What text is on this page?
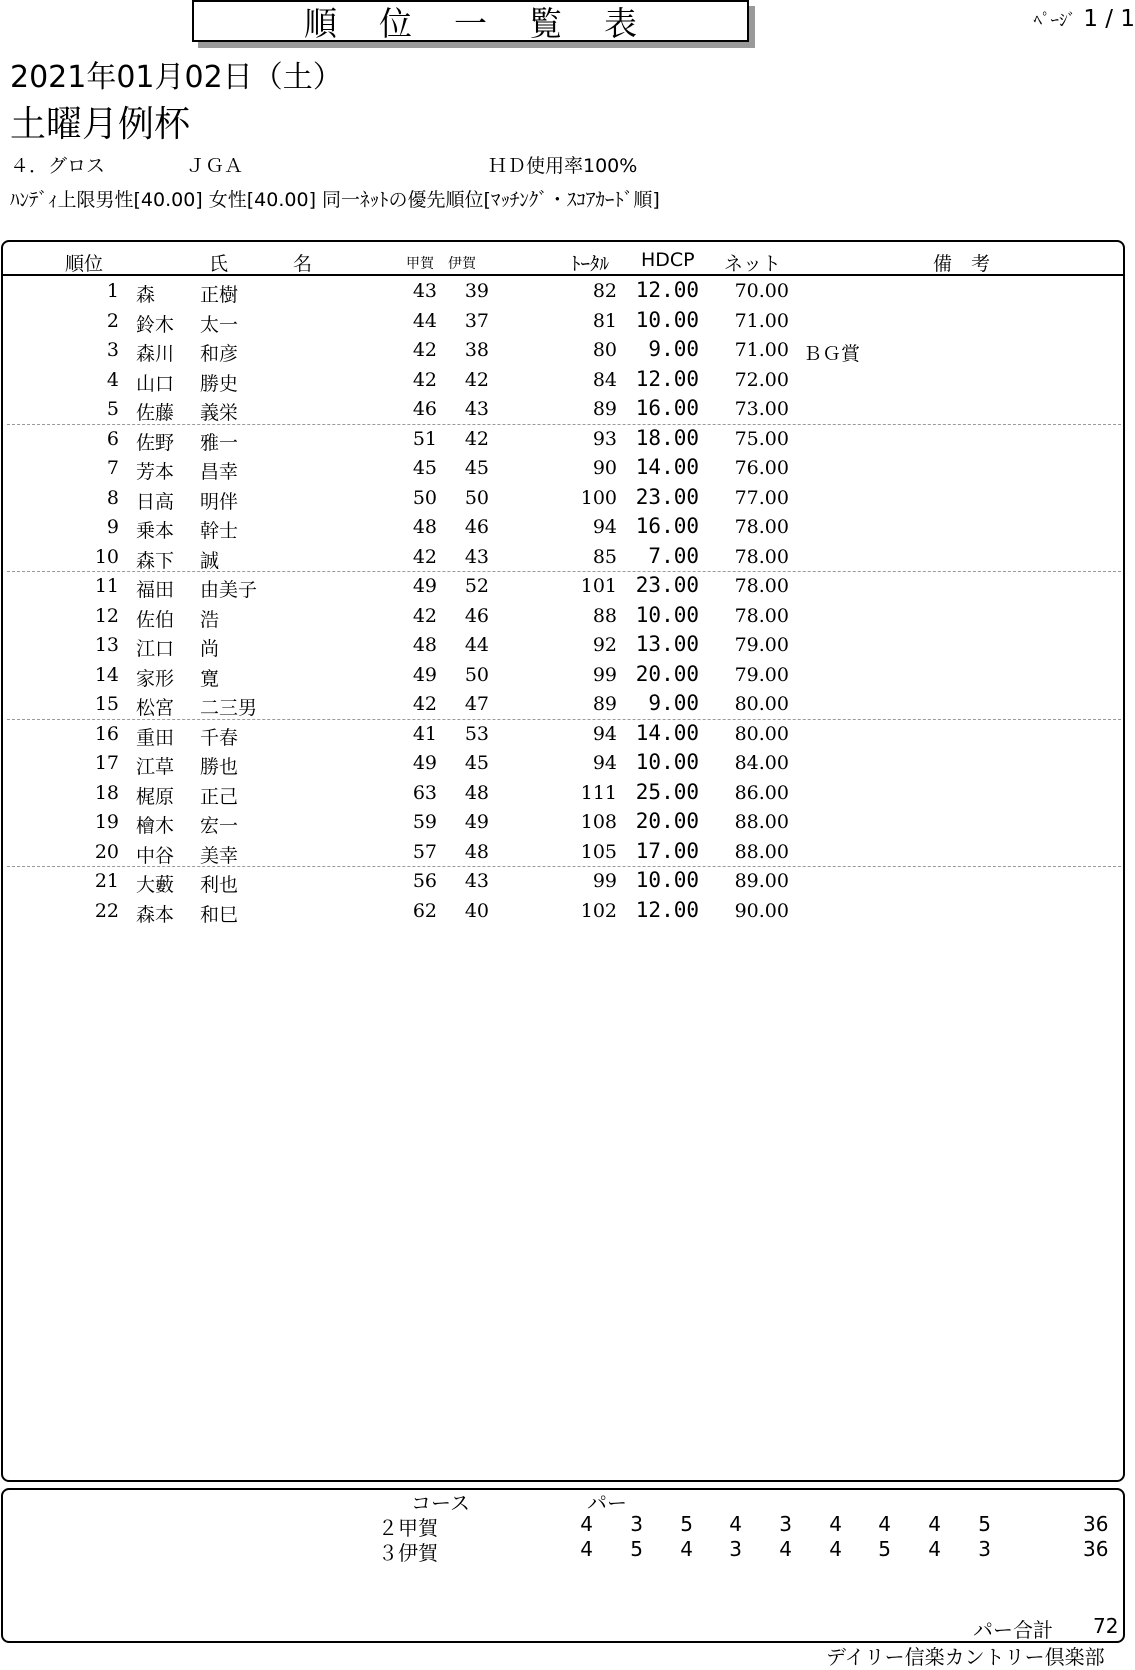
順位一覧表	ﾍﾟｰｼﾞ 1 / 1
2021年01月02日（土）
土曜月例杯
４．グロス	ＪＧＡ	ＨＤ使用率100%
ﾊﾝﾃﾞｨ上限男性[40.00] 女性[40.00] 同一ﾈｯﾄの優先順位[ﾏｯﾁﾝｸﾞ・ｽｺｱｶｰﾄﾞ順]
順位	氏	名	甲賀 伊賀	ﾄｰﾀﾙ HDCP ネット	備 考
1 森 正樹	43	39	82 12.00	70.00
2 鈴木 太一	44	37	81 10.00	71.00
3 森川 和彦	42	38	80	9.00	71.00 ＢＧ賞
4 山口 勝史	42	42	84 12.00	72.00
5 佐藤 義栄	46	43	89 16.00	73.00
6 佐野 雅一	51	42	93 18.00	75.00
7 芳本 昌幸	45	45	90 14.00	76.00
8 日高 明伴	50	50	100 23.00	77.00
9 乗本 幹士	48	46	94 16.00	78.00
10 森下 誠	42	43	85	7.00	78.00
11 福田 由美子	49	52	101 23.00	78.00
12 佐伯 浩	42	46	88 10.00	78.00
13 江口 尚	48	44	92 13.00	79.00
14 家形 寛	49	50	99 20.00	79.00
15 松宮 二三男	42	47	89	9.00	80.00
16 重田 千春	41	53	94 14.00	80.00
17 江草 勝也	49	45	94 10.00	84.00
18 梶原 正己	63	48	111 25.00	86.00
19 檜木 宏一	59	49	108 20.00	88.00
20 中谷 美幸	57	48	105 17.00	88.00
21 大藪 利也	56	43	99 10.00	89.00
22 森本 和巳	62	40	102 12.00	90.00
コース	パー
２甲賀	4	3	5	4	3	4	4	4	5	36
３伊賀	4	5	4	3	4	4	5	4	3	36
パー合計 72
デイリー信楽カントリー倶楽部
